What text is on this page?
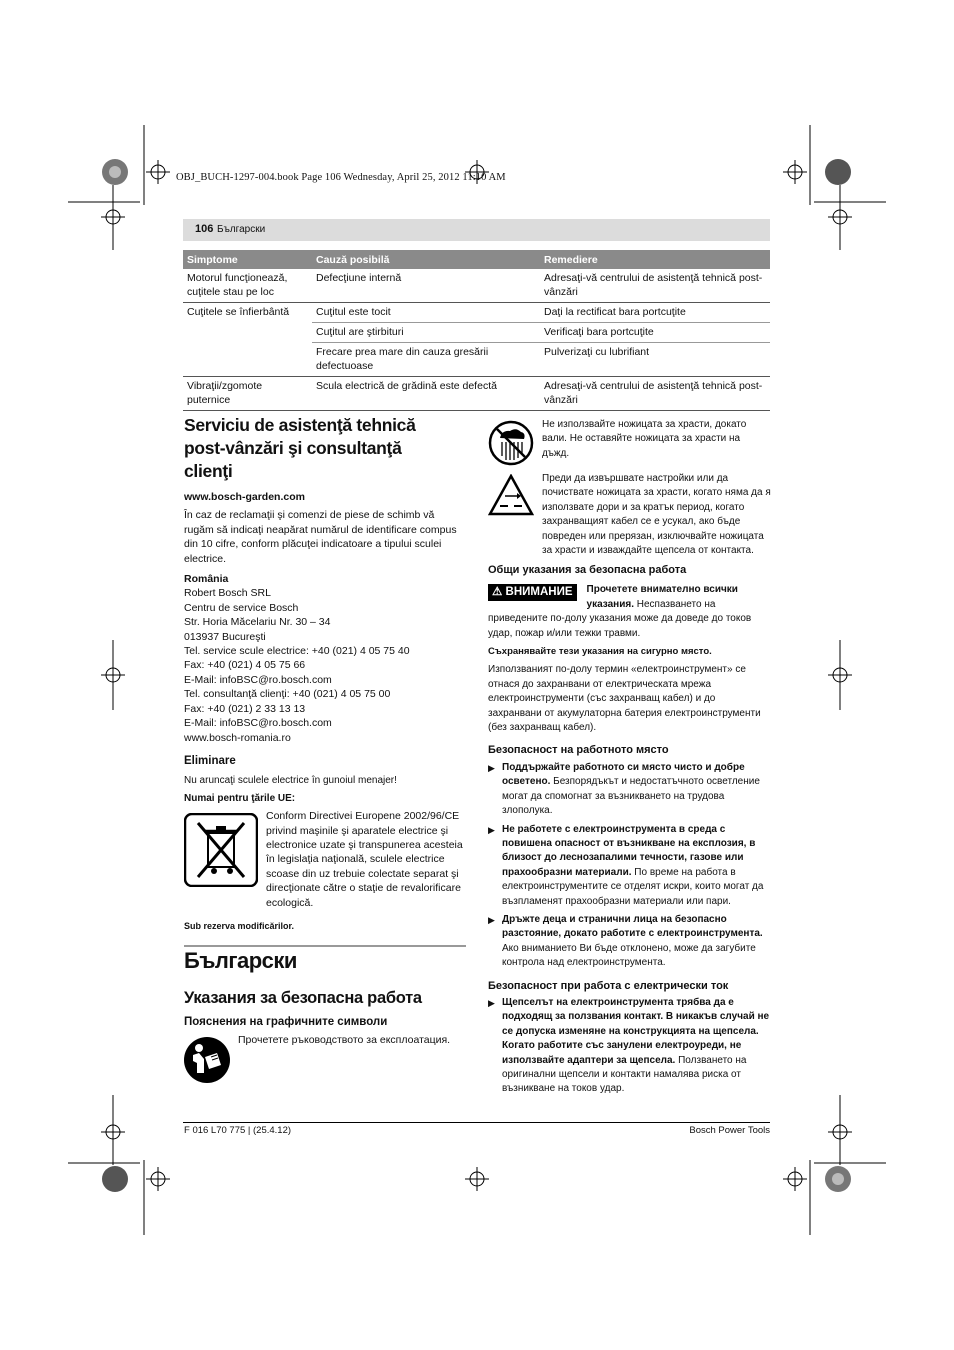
OBJ_BUCH-1297-004.book Page 106 Wednesday, April 25, 2012 11:10 AM
106 Български
Simptome	Cauză posibilă	Remediere
Motorul funcţionează, cuţitele stau pe loc	Defecţiune internă	Adresaţi-vă centrului de asistenţă tehnică post-vânzări
Cuţitele se înfierbântă	Cuţitul este tocit	Daţi la rectificat bara portcuţite
	Cuţitul are ştirbituri	Verificaţi bara portcuţite
	Frecare prea mare din cauza gresării defectuoase	Pulverizaţi cu lubrifiant
Vibraţii/zgomote puternice	Scula electrică de grădină este defectă	Adresaţi-vă centrului de asistenţă tehnică post-vânzări
Serviciu de asistenţă tehnică post-vânzări şi consultanţă clienţi
www.bosch-garden.com
În caz de reclamaţii şi comenzi de piese de schimb vă rugăm să indicaţi neapărat numărul de identificare compus din 10 cifre, conform plăcuţei indicatoare a tipului sculei electrice.
România
Robert Bosch SRL
Centru de service Bosch
Str. Horia Măcelariu Nr. 30 – 34
013937 Bucureşti
Tel. service scule electrice: +40 (021) 4 05 75 40
Fax: +40 (021) 4 05 75 66
E-Mail: infoBSC@ro.bosch.com
Tel. consultanţă clienţi: +40 (021) 4 05 75 00
Fax: +40 (021) 2 33 13 13
E-Mail: infoBSC@ro.bosch.com
www.bosch-romania.ro
Eliminare
Nu aruncaţi sculele electrice în gunoiul menajer!
Numai pentru ţările UE:
Conform Directivei Europene 2002/96/CE privind maşinile şi aparatele electrice şi electronice uzate şi transpunerea acesteia în legislaţia naţională, sculele electrice scoase din uz trebuie colectate separat şi direcţionate către o staţie de revalorificare ecologică.
Sub rezerva modificărilor.
Български
Указания за безопасна работа
Пояснения на графичните символи
Прочетете ръководството за експлоатация.
Не използвайте ножицата за храсти, докато вали. Не оставяйте ножицата за храсти на дъжд.
Преди да извършвате настройки или да почиствате ножицата за храсти, когато няма да я използвате дори и за кратък период, когато захранващият кабел се е усукал, ако бъде повреден или прерязан, изключвайте ножицата за храсти и изваждайте щепсела от контакта.
Общи указания за безопасна работа
⚠ ВНИМАНИЕ	Прочетете внимателно всички указания. Неспазването на приведените по-долу указания може да доведе до токов удар, пожар и/или тежки травми.
Съхранявайте тези указания на сигурно място.
Използваният по-долу термин «електроинструмент» се отнася до захранвани от електрическата мрежа електроинструменти (със захранващ кабел) и до захранвани от акумулаторна батерия електроинструменти (без захранващ кабел).
Безопасност на работното място
▶ Поддържайте работното си място чисто и добре осветено. Безпорядъкът и недостатъчното осветление могат да спомогнат за възникването на трудова злополука.
▶ Не работете с електроинструмента в среда с повишена опасност от възникване на експлозия, в близост до леснозапалими течности, газове или прахообразни материали. По време на работа в електроинструментите се отделят искри, които могат да възпламенят прахообразни материали или пари.
▶ Дръжте деца и странични лица на безопасно разстояние, докато работите с електроинструмента. Ако вниманието Ви бъде отклонено, може да загубите контрола над електроинструмента.
Безопасност при работа с електрически ток
▶ Щепселът на електроинструмента трябва да е подходящ за ползвания контакт. В никакъв случай не се допуска изменяне на конструкцията на щепсела. Когато работите със занулени електроуреди, не използвайте адаптери за щепсела. Ползването на оригинални щепсели и контакти намалява риска от възникване на токов удар.
F 016 L70 775 | (25.4.12)	Bosch Power Tools
